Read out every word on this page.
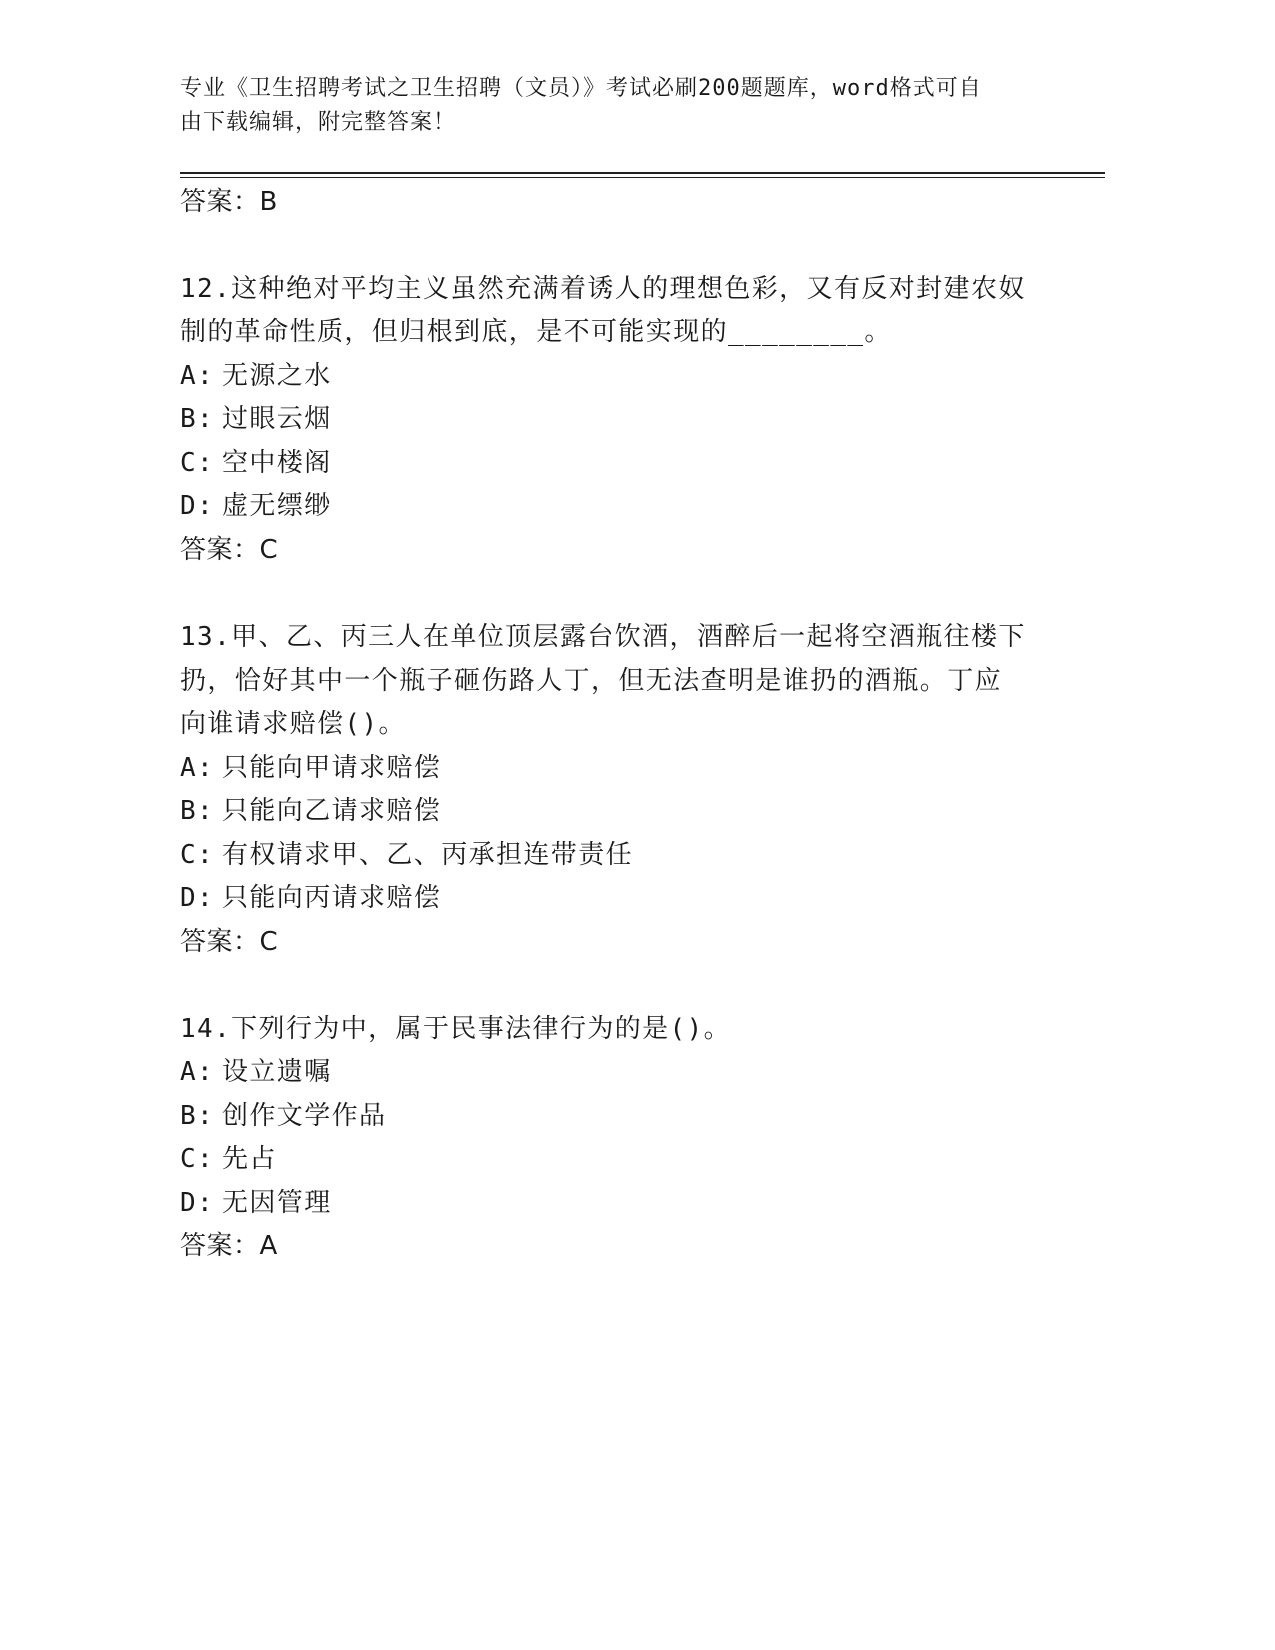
专业《卫生招聘考试之卫生招聘（文员）》考试必刷200题题库，word格式可自
由下载编辑，附完整答案！
答案：B
12.这种绝对平均主义虽然充满着诱人的理想色彩，又有反对封建农奴
制的革命性质，但归根到底，是不可能实现的________。
A: 无源之水
B: 过眼云烟
C: 空中楼阁
D: 虚无缥缈
答案：C
13.甲、乙、丙三人在单位顶层露台饮酒，酒醉后一起将空酒瓶往楼下
扔，恰好其中一个瓶子砸伤路人丁，但无法查明是谁扔的酒瓶。丁应
向谁请求赔偿()。
A: 只能向甲请求赔偿
B: 只能向乙请求赔偿
C: 有权请求甲、乙、丙承担连带责任
D: 只能向丙请求赔偿
答案：C
14.下列行为中，属于民事法律行为的是()。
A: 设立遗嘱
B: 创作文学作品
C: 先占
D: 无因管理
答案：A
